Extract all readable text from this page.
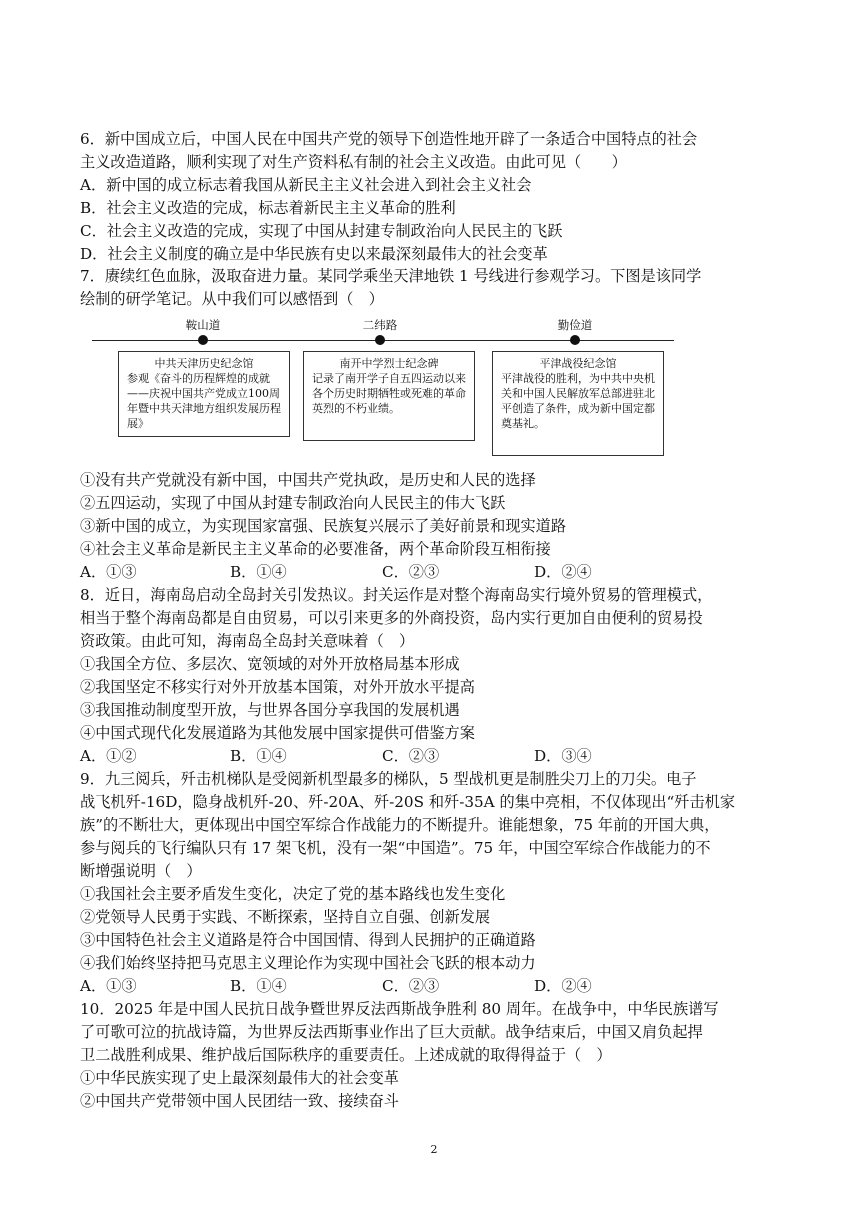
6．新中国成立后，中国人民在中国共产党的领导下创造性地开辟了一条适合中国特点的社会
主义改造道路，顺利实现了对生产资料私有制的社会主义改造。由此可见（　　）
A．新中国的成立标志着我国从新民主主义社会进入到社会主义社会
B．社会主义改造的完成，标志着新民主主义革命的胜利
C．社会主义改造的完成，实现了中国从封建专制政治向人民民主的飞跃
D．社会主义制度的确立是中华民族有史以来最深刻最伟大的社会变革
7．赓续红色血脉，汲取奋进力量。某同学乘坐天津地铁 1 号线进行参观学习。下图是该同学
绘制的研学笔记。从中我们可以感悟到（　）
鞍山道	二纬路	勤俭道
中共天津历史纪念馆
参观《奋斗的历程辉煌的成就——庆祝中国共产党成立100周年暨中共天津地方组织发展历程展》
南开中学烈士纪念碑
记录了南开学子自五四运动以来各个历史时期牺牲或死难的革命英烈的不朽业绩。
平津战役纪念馆
平津战役的胜利，为中共中央机关和中国人民解放军总部进驻北平创造了条件，成为新中国定都奠基礼。
①没有共产党就没有新中国，中国共产党执政，是历史和人民的选择
②五四运动，实现了中国从封建专制政治向人民民主的伟大飞跃
③新中国的成立，为实现国家富强、民族复兴展示了美好前景和现实道路
④社会主义革命是新民主主义革命的必要准备，两个革命阶段互相衔接
A．①③	B．①④	C．②③	D．②④
8．近日，海南岛启动全岛封关引发热议。封关运作是对整个海南岛实行境外贸易的管理模式，
相当于整个海南岛都是自由贸易，可以引来更多的外商投资，岛内实行更加自由便利的贸易投
资政策。由此可知，海南岛全岛封关意味着（　）
①我国全方位、多层次、宽领域的对外开放格局基本形成
②我国坚定不移实行对外开放基本国策，对外开放水平提高
③我国推动制度型开放，与世界各国分享我国的发展机遇
④中国式现代化发展道路为其他发展中国家提供可借鉴方案
A．①②	B．①④	C．②③	D．③④
9．九三阅兵，歼击机梯队是受阅新机型最多的梯队，5 型战机更是制胜尖刀上的刀尖。电子
战飞机歼-16D，隐身战机歼-20、歼-20A、歼-20S 和歼-35A 的集中亮相，不仅体现出“歼击机家
族”的不断壮大，更体现出中国空军综合作战能力的不断提升。谁能想象，75 年前的开国大典，
参与阅兵的飞行编队只有 17 架飞机，没有一架“中国造”。75 年，中国空军综合作战能力的不
断增强说明（　）
①我国社会主要矛盾发生变化，决定了党的基本路线也发生变化
②党领导人民勇于实践、不断探索，坚持自立自强、创新发展
③中国特色社会主义道路是符合中国国情、得到人民拥护的正确道路
④我们始终坚持把马克思主义理论作为实现中国社会飞跃的根本动力
A．①③	B．①④	C．②③	D．②④
10．2025 年是中国人民抗日战争暨世界反法西斯战争胜利 80 周年。在战争中，中华民族谱写
了可歌可泣的抗战诗篇，为世界反法西斯事业作出了巨大贡献。战争结束后，中国又肩负起捍
卫二战胜利成果、维护战后国际秩序的重要责任。上述成就的取得得益于（　）
①中华民族实现了史上最深刻最伟大的社会变革
②中国共产党带领中国人民团结一致、接续奋斗
2
